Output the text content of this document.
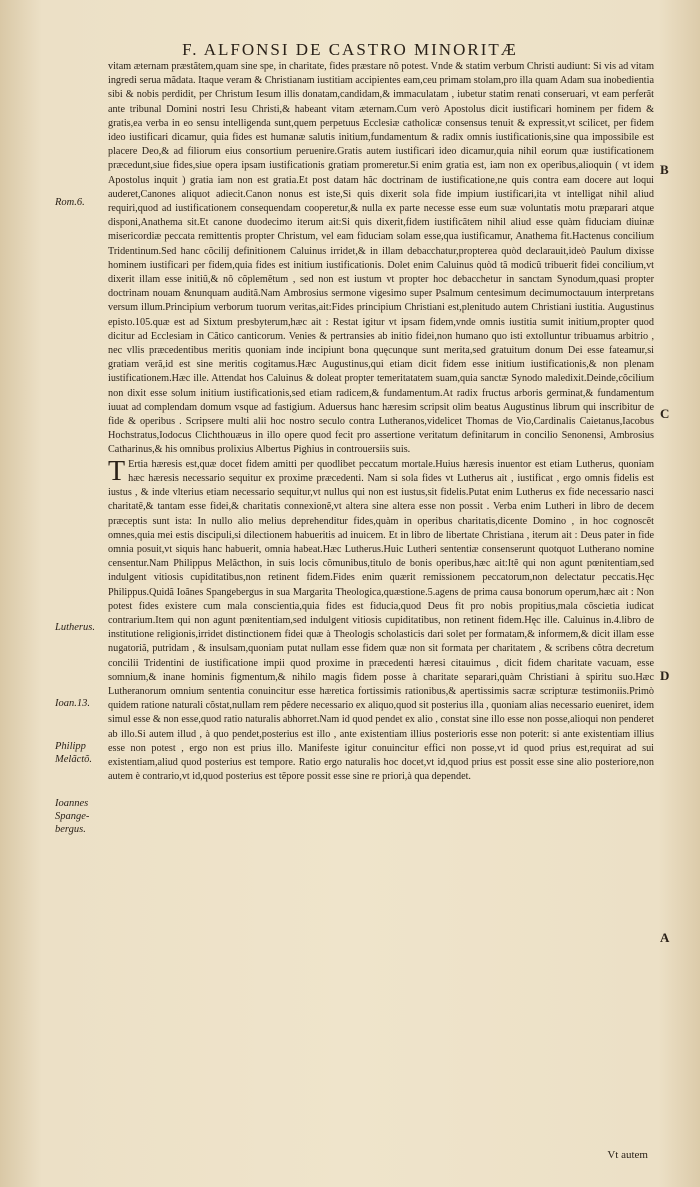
F. ALFONSI DE CASTRO MINORITÆ

vitam æternam præstãtem,quam sine spe, in charitate, fides præstare nõ potest. Vnde & statim verbum Christi audiunt: Si vis ad vitam ingredi serua mãdata. Itaque veram & Christianam iustitiam accipientes eam,ceu primam stolam,pro illa quam Adam sua inobedientia sibi & nobis perdidit, per Christum Iesum illis donatam,candidam,& immaculatam , iubetur statim renati conseruari, vt eam perferãt ante tribunal Domini nostri Iesu Christi,& habeant vitam æternam.Cum verò Apostolus dicit iustificari hominem per fidem & gratis,ea verba in eo sensu intelligenda sunt,quem perpetuus Ecclesiæ catholicæ consensus tenuit & expressit,vt scilicet, per fidem ideo iustificari dicamur, quia fides est humanæ salutis initium,fundamentum & radix omnis iustificationis,sine qua impossibile est placere Deo,& ad filiorum eius consortium peruenire.Gratis autem iustificari ideo dicamur,quia nihil eorum quæ iustificationem præcedunt,siue fides,siue opera ipsam iustificationis gratiam promeretur.Si enim gratia est, iam non ex operibus,alioquin ( vt idem Apostolus inquit ) gratia iam non est gratia.Et post datam hãc doctrinam de iustificatione,ne quis contra eam docere aut loqui auderet,Canones aliquot adiecit.Canon nonus est iste,Si quis dixerit sola fide impium iustificari,ita vt intelligat nihil aliud requiri,quod ad iustificationem consequendam cooperetur,& nulla ex parte necesse esse eum suæ voluntatis motu præparari atque disponi,Anathema sit.Et canone duodecimo iterum ait:Si quis dixerit,fidem iustificãtem nihil aliud esse quàm fiduciam diuinæ misericordiæ peccata remittentis propter Christum, vel eam fiduciam solam esse,qua iustificamur, Anathema fit.Hactenus concilium Tridentinum.Sed hanc cõcilij definitionem Caluinus irridet,& in illam debacchatur,propterea quòd declarauit,ideò Paulum dixisse hominem iustificari per fidem,quia fides est initium iustificationis. Dolet enim Caluinus quòd tã modicũ tribuerit fidei concilium,vt dixerit illam esse initiũ,& nõ cõplemẽtum , sed non est iustum vt propter hoc debacchetur in sanctam Synodum,quasi propter doctrinam nouam &nunquam auditã.Nam Ambrosius sermone vigesimo super Psalmum centesimum decimumoctauum interpretans versum illum.Principium verborum tuorum veritas,ait:Fides principium Christiani est,plenitudo autem Christiani iustitia. Augustinus episto.105.quæ est ad Sixtum presbyterum,hæc ait : Restat igitur vt ipsam fidem,vnde omnis iustitia sumit initium,propter quod dicitur ad Ecclesiam in Cãtico canticorum. Venies & pertransies ab initio fidei,non humano quo isti extolluntur tribuamus arbitrio , nec vllis præcedentibus meritis quoniam inde incipiunt bona quęcunque sunt merita,sed gratuitum donum Dei esse fateamur,si gratiam verã,id est sine meritis cogitamus.Hæc Augustinus,qui etiam dicit fidem esse initium iustificationis,& non plenam iustificationem.Hæc ille. Attendat hos Caluinus & doleat propter temeritatatem suam,quia sanctæ Synodo maledixit.Deinde,cõcilium non dixit esse solum initium iustificationis,sed etiam radicem,& fundamentum.At radix fructus arboris germinat,& fundamentum iuuat ad complendam domum vsque ad fastigium. Aduersus hanc hæresim scripsit olim beatus Augustinus librum qui inscribitur de fide & operibus . Scripsere multi alii hoc nostro seculo contra Lutheranos,videlicet Thomas de Vio,Cardinalis Caietanus,Iacobus Hochstratus,Iodocus Clichthouæus in illo opere quod fecit pro assertione veritatum definitarum in concilio Senonensi, Ambrosius Catharinus,& his omnibus prolixius Albertus Pighius in controuersiis suis.

T Ertia hæresis est,quæ docet fidem amitti per quodlibet peccatum mortale.Huius hæresis inuentor est etiam Lutherus, quoniam hæc hæresis necessario sequitur ex proxime præcedenti. Nam si sola fides vt Lutherus ait , iustificat , ergo omnis fidelis est iustus , & inde vlterius etiam necessario sequitur,vt nullus qui non est iustus,sit fidelis.Putat enim Lutherus ex fide necessario nasci charitatẽ,& tantam esse fidei,& charitatis connexionẽ,vt altera sine altera esse non possit . Verba enim Lutheri in libro de decem præceptis sunt ista: In nullo alio melius deprehenditur fides,quàm in operibus charitatis,dicente Domino , in hoc cognoscẽt omnes,quia mei estis discipuli,si dilectionem habueritis ad inuicem. Et in libro de libertate Christiana , iterum ait : Deus pater in fide omnia posuit,vt siquis hanc habuerit, omnia habeat.Hæc Lutherus.Huic Lutheri sententiæ consenserunt quotquot Lutherano nomine censentur.Nam Philippus Melãcthon, in suis locis cõmunibus,titulo de bonis operibus,hæc ait:Itẽ qui non agunt pœnitentiam,sed indulgent vitiosis cupiditatibus,non retinent fidem.Fides enim quærit remissionem peccatorum,non delectatur peccatis.Hęc Philippus.Quidã Ioãnes Spangebergus in sua Margarita Theologica,quæstione.5.agens de prima causa bonorum operum,hæc ait : Non potest fides existere cum mala conscientia,quia fides est fiducia,quod Deus fit pro nobis propitius,mala cõscietia iudicat contrarium.Item qui non agunt pœnitentiam,sed indulgent vitiosis cupiditatibus, non retinent fidem.Hęc ille. Caluinus in.4.libro de institutione religionis,irridet distinctionem fidei quæ à Theologis scholasticis dari solet per formatam,& informem,& dicit illam esse nugatoriã, putridam , & insulsam,quoniam putat nullam esse fidem quæ non sit formata per charitatem , & scribens cõtra decretum concilii Tridentini de iustificatione impii quod proxime in præcedenti hæresi citauimus , dicit fidem charitate vacuam, esse somnium,& inane hominis figmentum,& nihilo magis fidem posse à charitate separari,quàm Christiani à spiritu suo.Hæc Lutheranorum omnium sententia conuincitur esse hæretica fortissimis rationibus,& apertissimis sacræ scripturæ testimoniis.Primò quidem ratione naturali cõstat,nullam rem pẽdere necessario ex aliquo,quod sit posterius illa , quoniam alias necessario eueniret, idem simul esse & non esse,quod ratio naturalis abhorret.Nam id quod pendet ex alio , constat sine illo esse non posse,alioqui non penderet ab illo.Si autem illud , à quo pendet,posterius est illo , ante existentiam illius posterioris esse non poterit: si ante existentiam illius esse non potest , ergo non est prius illo. Manifeste igitur conuincitur effici non posse,vt id quod prius est,requirat ad sui existentiam,aliud quod posterius est tempore. Ratio ergo naturalis hoc docet,vt id,quod prius est possit esse sine alio posteriore,non autem è contrario,vt id,quod posterius est tẽpore possit esse sine re priori,à qua dependet.

Rom.6.
Lutherus.
Ioan.13.
Philipp
Melãctõ.
Ioannes
Spange-
bergus.
B
C
D
A
Vt autem
